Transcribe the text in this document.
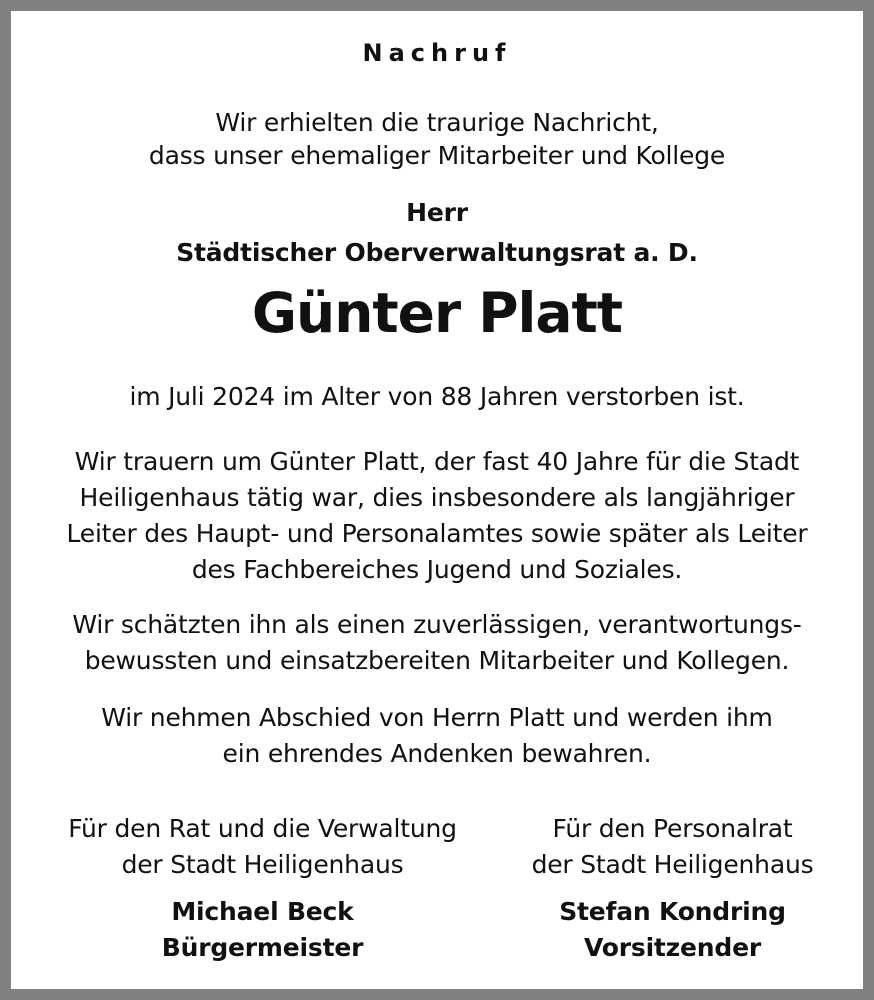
Nachruf
Wir erhielten die traurige Nachricht,
dass unser ehemaliger Mitarbeiter und Kollege
Herr
Städtischer Oberverwaltungsrat a. D.
Günter Platt
im Juli 2024 im Alter von 88 Jahren verstorben ist.
Wir trauern um Günter Platt, der fast 40 Jahre für die Stadt
Heiligenhaus tätig war, dies insbesondere als langjähriger
Leiter des Haupt- und Personalamtes sowie später als Leiter
des Fachbereiches Jugend und Soziales.
Wir schätzten ihn als einen zuverlässigen, verantwortungs-
bewussten und einsatzbereiten Mitarbeiter und Kollegen.
Wir nehmen Abschied von Herrn Platt und werden ihm
ein ehrendes Andenken bewahren.
Für den Rat und die Verwaltung
der Stadt Heiligenhaus
Michael Beck
Bürgermeister
Für den Personalrat
der Stadt Heiligenhaus
Stefan Kondring
Vorsitzender
